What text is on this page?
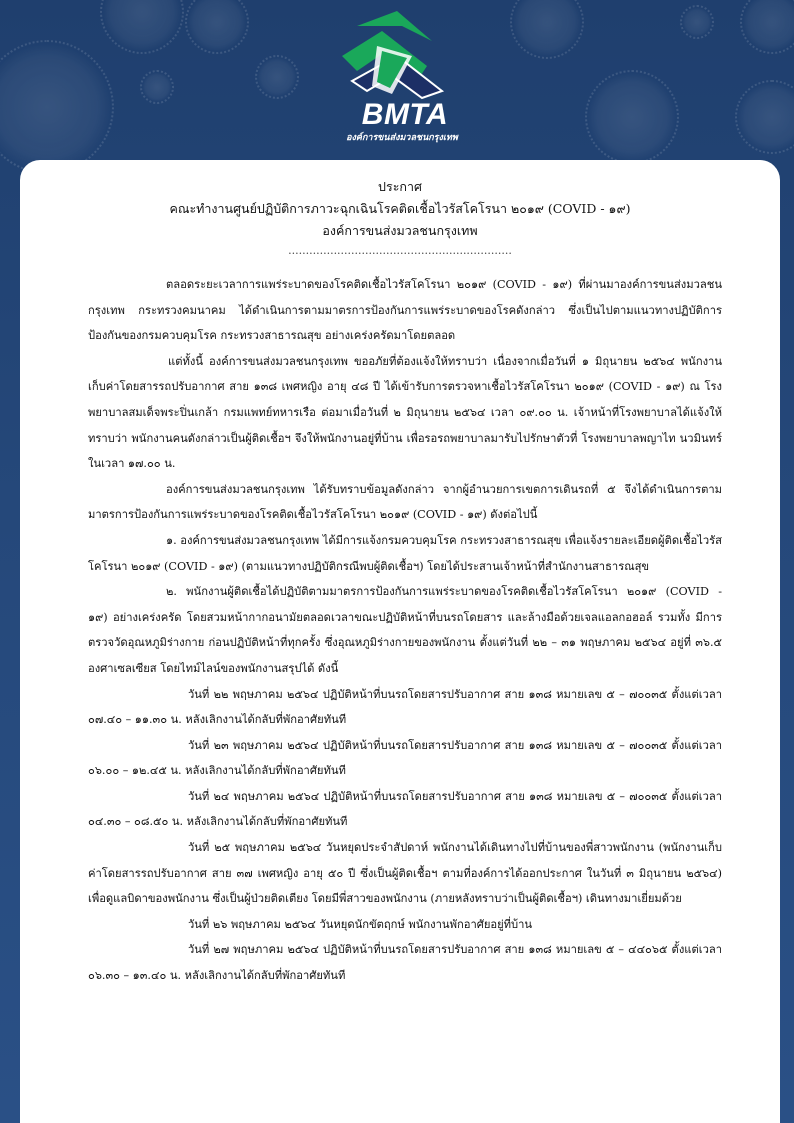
BMTA
องค์การขนส่งมวลชนกรุงเทพ
ประกาศ
คณะทำงานศูนย์ปฏิบัติการภาวะฉุกเฉินโรคติดเชื้อไวรัสโคโรนา ๒๐๑๙ (COVID - ๑๙)
องค์การขนส่งมวลชนกรุงเทพ
................................................................

ตลอดระยะเวลาการแพร่ระบาดของโรคติดเชื้อไวรัสโคโรนา ๒๐๑๙ (COVID - ๑๙) ที่ผ่านมาองค์การขนส่งมวลชนกรุงเทพ กระทรวงคมนาคม ได้ดำเนินการตามมาตรการป้องกันการแพร่ระบาดของโรคดังกล่าว ซึ่งเป็นไปตามแนวทางปฏิบัติการป้องกันของกรมควบคุมโรค กระทรวงสาธารณสุข อย่างเคร่งครัดมาโดยตลอด

แต่ทั้งนี้ องค์การขนส่งมวลชนกรุงเทพ ขออภัยที่ต้องแจ้งให้ทราบว่า เนื่องจากเมื่อวันที่ ๑ มิถุนายน ๒๕๖๔ พนักงานเก็บค่าโดยสารรถปรับอากาศ สาย ๑๓๘ เพศหญิง อายุ ๔๘ ปี ได้เข้ารับการตรวจหาเชื้อไวรัสโคโรนา ๒๐๑๙ (COVID - ๑๙) ณ โรงพยาบาลสมเด็จพระปิ่นเกล้า กรมแพทย์ทหารเรือ ต่อมาเมื่อวันที่ ๒ มิถุนายน ๒๕๖๔ เวลา ๐๙.๐๐ น. เจ้าหน้าที่โรงพยาบาลได้แจ้งให้ทราบว่า พนักงานคนดังกล่าวเป็นผู้ติดเชื้อฯ จึงให้พนักงานอยู่ที่บ้าน เพื่อรอรถพยาบาลมารับไปรักษาตัวที่ โรงพยาบาลพญาไท นวมินทร์ ในเวลา ๑๗.๐๐ น.

องค์การขนส่งมวลชนกรุงเทพ ได้รับทราบข้อมูลดังกล่าว จากผู้อำนวยการเขตการเดินรถที่ ๕ จึงได้ดำเนินการตามมาตรการป้องกันการแพร่ระบาดของโรคติดเชื้อไวรัสโคโรนา ๒๐๑๙ (COVID - ๑๙) ดังต่อไปนี้

๑. องค์การขนส่งมวลชนกรุงเทพ ได้มีการแจ้งกรมควบคุมโรค กระทรวงสาธารณสุข เพื่อแจ้งรายละเอียดผู้ติดเชื้อไวรัสโคโรนา ๒๐๑๙ (COVID - ๑๙) (ตามแนวทางปฏิบัติกรณีพบผู้ติดเชื้อฯ) โดยได้ประสานเจ้าหน้าที่สำนักงานสาธารณสุข

๒. พนักงานผู้ติดเชื้อได้ปฏิบัติตามมาตรการป้องกันการแพร่ระบาดของโรคติดเชื้อไวรัสโคโรนา ๒๐๑๙ (COVID - ๑๙) อย่างเคร่งครัด โดยสวมหน้ากากอนามัยตลอดเวลาขณะปฏิบัติหน้าที่บนรถโดยสาร และล้างมือด้วยเจลแอลกอฮอล์ รวมทั้ง มีการตรวจวัดอุณหภูมิร่างกาย ก่อนปฏิบัติหน้าที่ทุกครั้ง ซึ่งอุณหภูมิร่างกายของพนักงาน ตั้งแต่วันที่ ๒๒ – ๓๑ พฤษภาคม ๒๕๖๔ อยู่ที่ ๓๖.๕ องศาเซลเซียส โดยไทม์ไลน์ของพนักงานสรุปได้ ดังนี้

วันที่ ๒๒ พฤษภาคม ๒๕๖๔ ปฏิบัติหน้าที่บนรถโดยสารปรับอากาศ สาย ๑๓๘ หมายเลข ๕ – ๗๐๐๓๕ ตั้งแต่เวลา ๐๗.๔๐ – ๑๑.๓๐ น. หลังเลิกงานได้กลับที่พักอาศัยทันที

วันที่ ๒๓ พฤษภาคม ๒๕๖๔ ปฏิบัติหน้าที่บนรถโดยสารปรับอากาศ สาย ๑๓๘ หมายเลข ๕ – ๗๐๐๓๕ ตั้งแต่เวลา ๐๖.๐๐ – ๑๒.๔๕ น. หลังเลิกงานได้กลับที่พักอาศัยทันที

วันที่ ๒๔ พฤษภาคม ๒๕๖๔ ปฏิบัติหน้าที่บนรถโดยสารปรับอากาศ สาย ๑๓๘ หมายเลข ๕ – ๗๐๐๓๕ ตั้งแต่เวลา ๐๔.๓๐ – ๐๘.๕๐ น. หลังเลิกงานได้กลับที่พักอาศัยทันที

วันที่ ๒๕ พฤษภาคม ๒๕๖๔ วันหยุดประจำสัปดาห์ พนักงานได้เดินทางไปที่บ้านของพี่สาวพนักงาน (พนักงานเก็บค่าโดยสารรถปรับอากาศ สาย ๓๗ เพศหญิง อายุ ๕๐ ปี ซึ่งเป็นผู้ติดเชื้อฯ ตามที่องค์การได้ออกประกาศ ในวันที่ ๓ มิถุนายน ๒๕๖๔) เพื่อดูแลบิดาของพนักงาน ซึ่งเป็นผู้ป่วยติดเตียง โดยมีพี่สาวของพนักงาน (ภายหลังทราบว่าเป็นผู้ติดเชื้อฯ) เดินทางมาเยี่ยมด้วย

วันที่ ๒๖ พฤษภาคม ๒๕๖๔ วันหยุดนักขัตฤกษ์ พนักงานพักอาศัยอยู่ที่บ้าน

วันที่ ๒๗ พฤษภาคม ๒๕๖๔ ปฏิบัติหน้าที่บนรถโดยสารปรับอากาศ สาย ๑๓๘ หมายเลข ๕ – ๔๔๐๖๕ ตั้งแต่เวลา ๐๖.๓๐ – ๑๓.๔๐ น. หลังเลิกงานได้กลับที่พักอาศัยทันที
